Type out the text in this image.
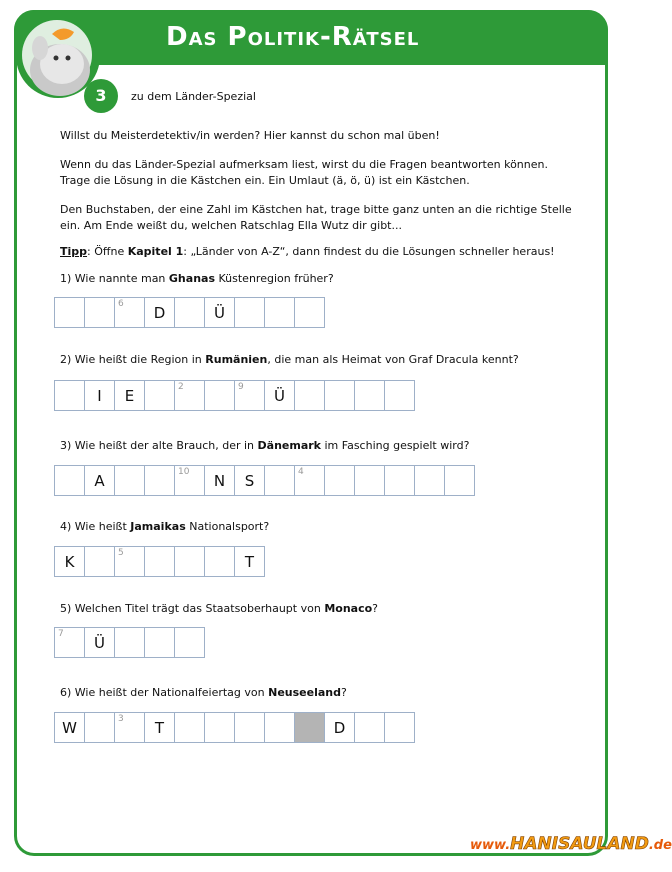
Das Politik-Rätsel
3	zu dem Länder-Spezial
Willst du Meisterdetektiv/in werden? Hier kannst du schon mal üben!
Wenn du das Länder-Spezial aufmerksam liest, wirst du die Fragen beantworten können.
Trage die Lösung in die Kästchen ein. Ein Umlaut (ä, ö, ü) ist ein Kästchen.
Den Buchstaben, der eine Zahl im Kästchen hat, trage bitte ganz unten an die richtige Stelle
ein. Am Ende weißt du, welchen Ratschlag Ella Wutz dir gibt...
Tipp: Öffne Kapitel 1: „Länder von A-Z“, dann findest du die Lösungen schneller heraus!
1) Wie nannte man Ghanas Küstenregion früher?
6 D	Ü
2) Wie heißt die Region in Rumänien, die man als Heimat von Graf Dracula kennt?
I E	2	9 Ü
3) Wie heißt der alte Brauch, der in Dänemark im Fasching gespielt wird?
A	10 N S	4
4) Wie heißt Jamaikas Nationalsport?
K	5	T
5) Welchen Titel trägt das Staatsoberhaupt von Monaco?
7 Ü
6) Wie heißt der Nationalfeiertag von Neuseeland?
W	3 T	D
www.HANISAULAND.de
